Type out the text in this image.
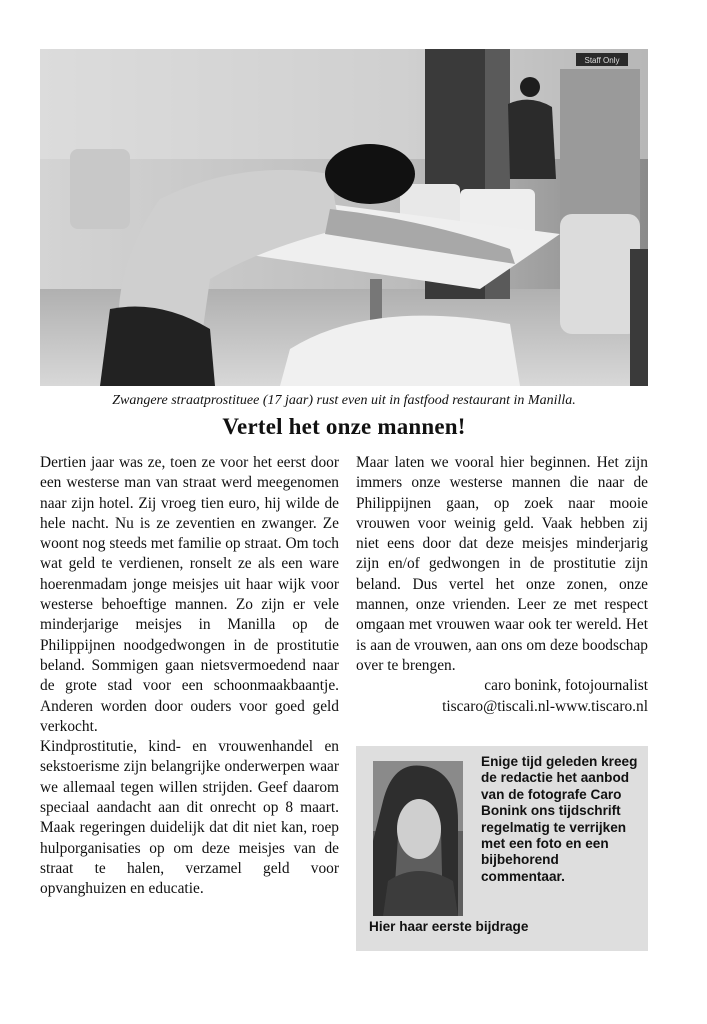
Staff Only
Zwangere straatprostituee (17 jaar) rust even uit in fastfood restaurant in Manilla.
Vertel het onze mannen!

Dertien jaar was ze, toen ze voor het eerst door een westerse man van straat werd meegenomen naar zijn hotel. Zij vroeg tien euro, hij wilde de hele nacht. Nu is ze zeventien en zwanger. Ze woont nog steeds met familie op straat. Om toch wat geld te verdienen, ronselt ze als een ware hoerenmadam jonge meisjes uit haar wijk voor westerse behoeftige mannen. Zo zijn er vele minderjarige meisjes in Manilla op de Philippijnen noodgedwongen in de prostitutie beland. Sommigen gaan nietsvermoedend naar de grote stad voor een schoonmaakbaantje. Anderen worden door ouders voor goed geld verkocht.

Kindprostitutie, kind- en vrouwenhandel en sekstoerisme zijn belangrijke onderwerpen waar we allemaal tegen willen strijden. Geef daarom speciaal aandacht aan dit onrecht op 8 maart. Maak regeringen duidelijk dat dit niet kan, roep hulporganisaties op om deze meisjes van de straat te halen, verzamel geld voor opvanghuizen en educatie.

Maar laten we vooral hier beginnen. Het zijn immers onze westerse mannen die naar de Philippijnen gaan, op zoek naar mooie vrouwen voor weinig geld. Vaak hebben zij niet eens door dat deze meisjes minderjarig zijn en/of gedwongen in de prostitutie zijn beland. Dus vertel het onze zonen, onze mannen, onze vrienden. Leer ze met respect omgaan met vrouwen waar ook ter wereld. Het is aan de vrouwen, aan ons om deze boodschap over te brengen.

caro bonink, fotojournalist

tiscaro@tiscali.nl-www.tiscaro.nl

Enige tijd geleden kreeg de redactie het aanbod van de fotografe Caro Bonink ons tijdschrift regelmatig te verrijken met een foto en een bijbehorend commentaar.
Hier haar eerste bijdrage
